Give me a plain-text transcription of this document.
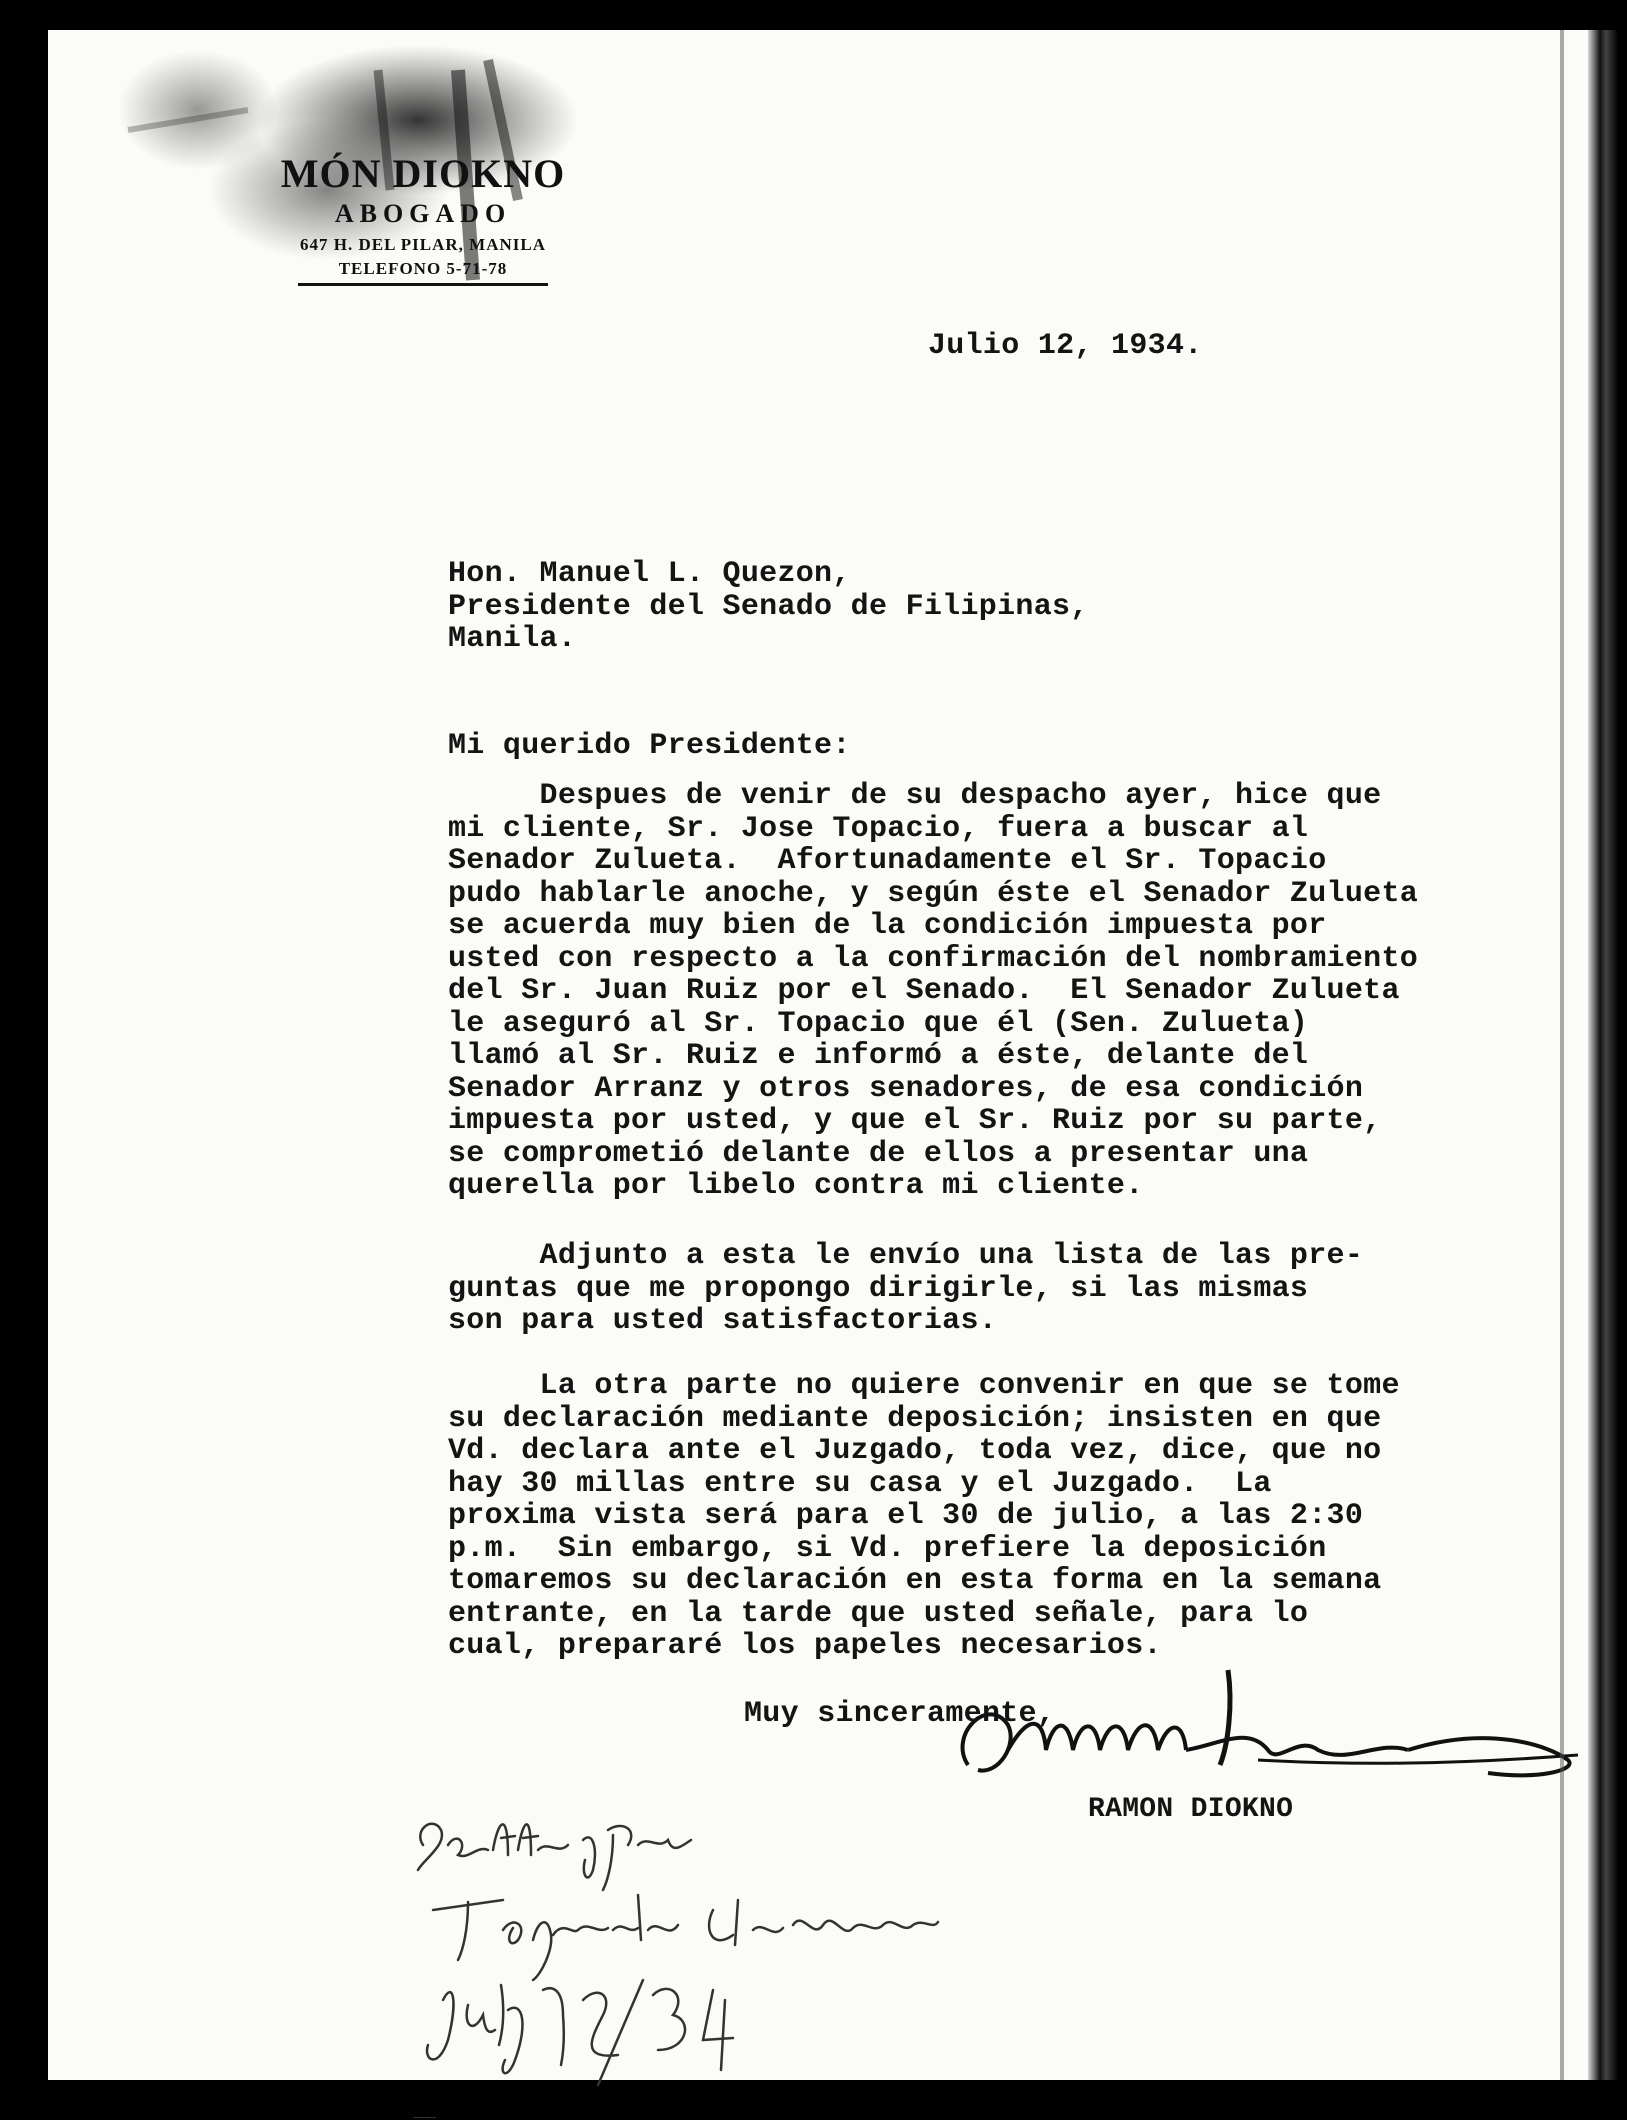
MÓN DIOKNO
ABOGADO
647 H. DEL PILAR, MANILA
TELEFONO 5-71-78
Julio 12, 1934.
Hon. Manuel L. Quezon,
Presidente del Senado de Filipinas,
Manila.
Mi querido Presidente:
Despues de venir de su despacho ayer, hice que
mi cliente, Sr. Jose Topacio, fuera a buscar al
Senador Zulueta.  Afortunadamente el Sr. Topacio
pudo hablarle anoche, y según éste el Senador Zulueta
se acuerda muy bien de la condición impuesta por
usted con respecto a la confirmación del nombramiento
del Sr. Juan Ruiz por el Senado.  El Senador Zulueta
le aseguró al Sr. Topacio que él (Sen. Zulueta)
llamó al Sr. Ruiz e informó a éste, delante del
Senador Arranz y otros senadores, de esa condición
impuesta por usted, y que el Sr. Ruiz por su parte,
se comprometió delante de ellos a presentar una
querella por libelo contra mi cliente.
Adjunto a esta le envío una lista de las pre-
guntas que me propongo dirigirle, si las mismas
son para usted satisfactorias.
La otra parte no quiere convenir en que se tome
su declaración mediante deposición; insisten en que
Vd. declara ante el Juzgado, toda vez, dice, que no
hay 30 millas entre su casa y el Juzgado.  La
proxima vista será para el 30 de julio, a las 2:30
p.m.  Sin embargo, si Vd. prefiere la deposición
tomaremos su declaración en esta forma en la semana
entrante, en la tarde que usted señale, para lo
cual, prepararé los papeles necesarios.
Muy sinceramente,
RAMON DIOKNO
See letter of Jose Topacio and enclosure July 12/34
